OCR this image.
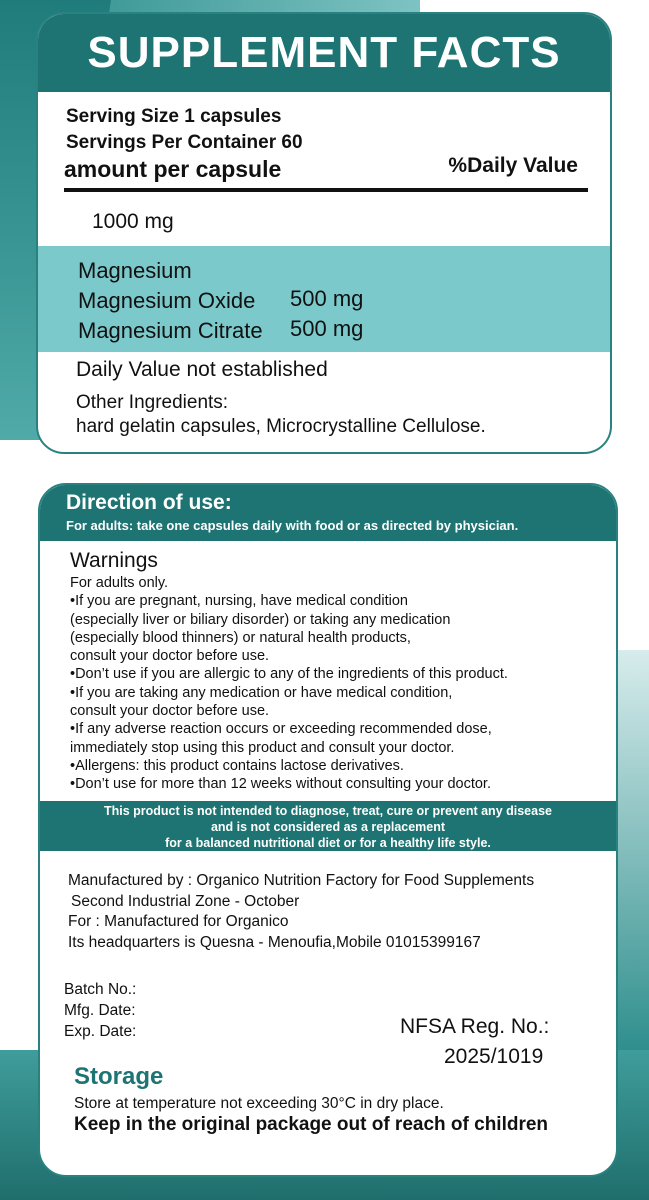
SUPPLEMENT FACTS
Serving Size 1 capsules
Servings Per Container 60
amount per capsule	%Daily Value
1000 mg
Magnesium
Magnesium Oxide 500 mg
Magnesium Citrate 500 mg
Daily Value not established
Other Ingredients:
hard gelatin capsules, Microcrystalline Cellulose.
Direction of use:
For adults: take one capsules daily with food or as directed by physician.
Warnings
For adults only.
•If you are pregnant, nursing, have medical condition
(especially liver or biliary disorder) or taking any medication
(especially blood thinners) or natural health products,
consult your doctor before use.
•Don’t use if you are allergic to any of the ingredients of this product.
•If you are taking any medication or have medical condition,
consult your doctor before use.
•If any adverse reaction occurs or exceeding recommended dose,
immediately stop using this product and consult your doctor.
•Allergens: this product contains lactose derivatives.
•Don’t use for more than 12 weeks without consulting your doctor.
This product is not intended to diagnose, treat, cure or prevent any disease
and is not considered as a replacement
for a balanced nutritional diet or for a healthy life style.
Manufactured by : Organico Nutrition Factory for Food Supplements
Second Industrial Zone - October
For : Manufactured for Organico
Its headquarters is Quesna - Menoufia,Mobile 01015399167
Batch No.:
Mfg. Date:
Exp. Date:	NFSA Reg. No.:
2025/1019
Storage
Store at temperature not exceeding 30°C in dry place.
Keep in the original package out of reach of children
